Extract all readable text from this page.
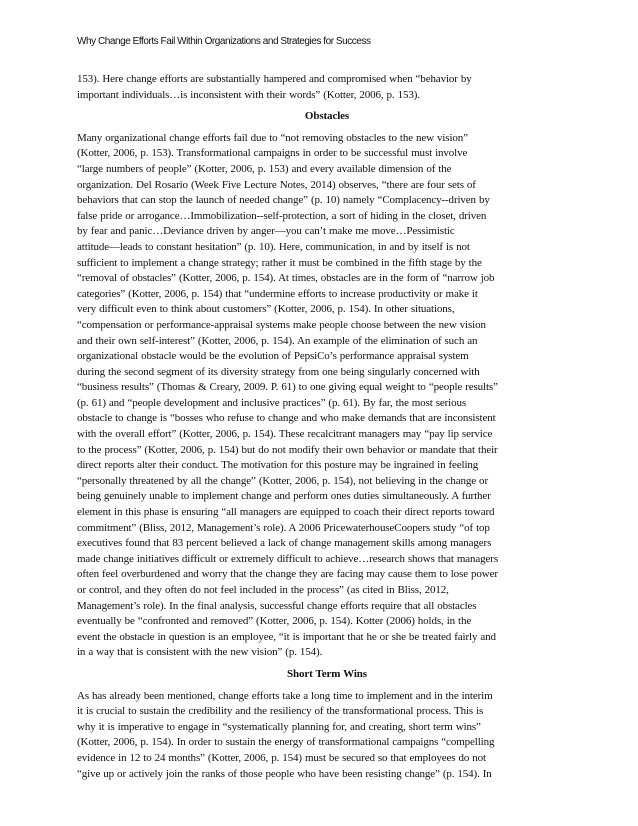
Why Change Efforts Fail Within Organizations and Strategies for Success
153). Here change efforts are substantially hampered and compromised when “behavior by
important individuals…is inconsistent with their words” (Kotter, 2006, p. 153).
Obstacles
Many organizational change efforts fail due to “not removing obstacles to the new vision”
(Kotter, 2006, p. 153). Transformational campaigns in order to be successful must involve
“large numbers of people” (Kotter, 2006, p. 153) and every available dimension of the
organization. Del Rosario (Week Five Lecture Notes, 2014) observes, “there are four sets of
behaviors that can stop the launch of needed change” (p. 10) namely “Complacency--driven by
false pride or arrogance…Immobilization--self-protection, a sort of hiding in the closet, driven
by fear and panic…Deviance driven by anger—you can’t make me move…Pessimistic
attitude—leads to constant hesitation” (p. 10). Here, communication, in and by itself is not
sufficient to implement a change strategy; rather it must be combined in the fifth stage by the
“removal of obstacles” (Kotter, 2006, p. 154). At times, obstacles are in the form of “narrow job
categories” (Kotter, 2006, p. 154) that “undermine efforts to increase productivity or make it
very difficult even to think about customers” (Kotter, 2006, p. 154). In other situations,
“compensation or performance-appraisal systems make people choose between the new vision
and their own self-interest” (Kotter, 2006, p. 154). An example of the elimination of such an
organizational obstacle would be the evolution of PepsiCo’s performance appraisal system
during the second segment of its diversity strategy from one being singularly concerned with
“business results” (Thomas & Creary, 2009. P. 61) to one giving equal weight to “people results”
(p. 61) and “people development and inclusive practices” (p. 61). By far, the most serious
obstacle to change is “bosses who refuse to change and who make demands that are inconsistent
with the overall effort” (Kotter, 2006, p. 154). These recalcitrant managers may “pay lip service
to the process” (Kotter, 2006, p. 154) but do not modify their own behavior or mandate that their
direct reports alter their conduct. The motivation for this posture may be ingrained in feeling
“personally threatened by all the change” (Kotter, 2006, p. 154), not believing in the change or
being genuinely unable to implement change and perform ones duties simultaneously. A further
element in this phase is ensuring “all managers are equipped to coach their direct reports toward
commitment” (Bliss, 2012, Management’s role). A 2006 PricewaterhouseCoopers study “of top
executives found that 83 percent believed a lack of change management skills among managers
made change initiatives difficult or extremely difficult to achieve…research shows that managers
often feel overburdened and worry that the change they are facing may cause them to lose power
or control, and they often do not feel included in the process” (as cited in Bliss, 2012,
Management’s role). In the final analysis, successful change efforts require that all obstacles
eventually be “confronted and removed” (Kotter, 2006, p. 154). Kotter (2006) holds, in the
event the obstacle in question is an employee, “it is important that he or she be treated fairly and
in a way that is consistent with the new vision” (p. 154).
Short Term Wins
As has already been mentioned, change efforts take a long time to implement and in the interim
it is crucial to sustain the credibility and the resiliency of the transformational process. This is
why it is imperative to engage in “systematically planning for, and creating, short term wins”
(Kotter, 2006, p. 154). In order to sustain the energy of transformational campaigns “compelling
evidence in 12 to 24 months” (Kotter, 2006, p. 154) must be secured so that employees do not
“give up or actively join the ranks of those people who have been resisting change” (p. 154). In
